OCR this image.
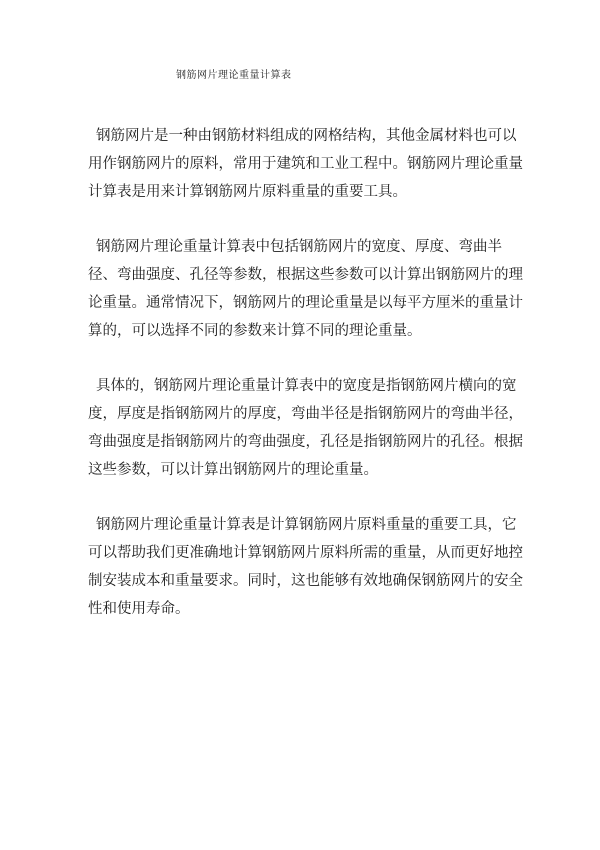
钢筋网片理论重量计算表

钢筋网片是一种由钢筋材料组成的网格结构，其他金属材料也可以用作钢筋网片的原料，常用于建筑和工业工程中。钢筋网片理论重量计算表是用来计算钢筋网片原料重量的重要工具。

钢筋网片理论重量计算表中包括钢筋网片的宽度、厚度、弯曲半径、弯曲强度、孔径等参数，根据这些参数可以计算出钢筋网片的理论重量。通常情况下，钢筋网片的理论重量是以每平方厘米的重量计算的，可以选择不同的参数来计算不同的理论重量。

具体的，钢筋网片理论重量计算表中的宽度是指钢筋网片横向的宽度，厚度是指钢筋网片的厚度，弯曲半径是指钢筋网片的弯曲半径，弯曲强度是指钢筋网片的弯曲强度，孔径是指钢筋网片的孔径。根据这些参数，可以计算出钢筋网片的理论重量。

钢筋网片理论重量计算表是计算钢筋网片原料重量的重要工具，它可以帮助我们更准确地计算钢筋网片原料所需的重量，从而更好地控制安装成本和重量要求。同时，这也能够有效地确保钢筋网片的安全性和使用寿命。
